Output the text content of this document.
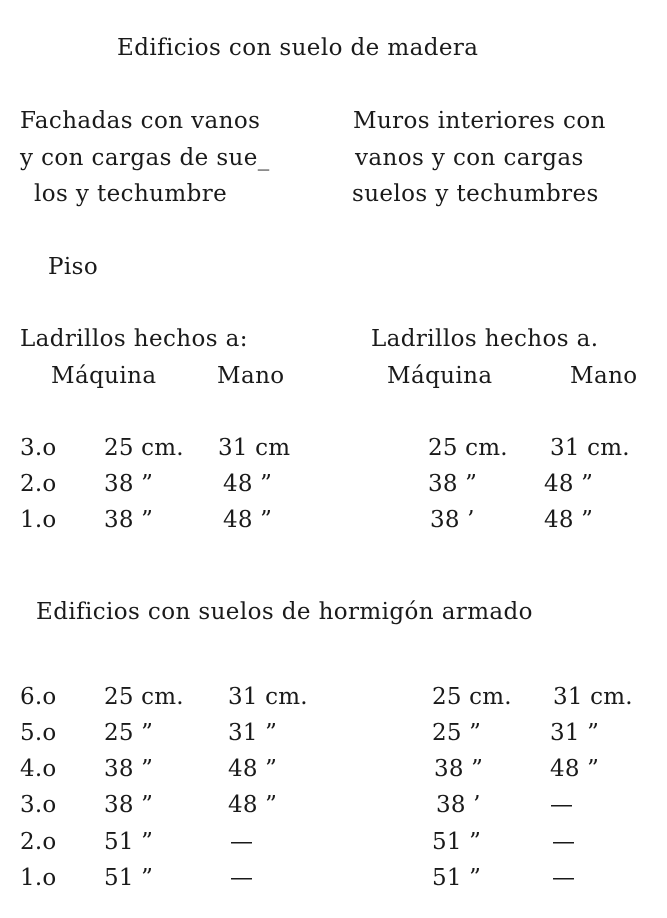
Edificios con suelo de madera
Fachadas con vanos
y con cargas de sue_
los y techumbre
Muros interiores con
vanos y con cargas
suelos y techumbres
Piso
Ladrillos hechos a:	Ladrillos hechos a.
Máquina	Mano	Máquina	Mano
3.o 25 cm. 31 cm	25 cm. 31 cm.
2.o 38 ”	48 ”	38 ”	48 ”
1.o 38 ”	48 ”	38 ’	48 ”
Edificios con suelos de hormigón armado
6.o 25 cm. 31 cm.	25 cm. 31 cm.
5.o 25 ”	31 ”	25 ”	31 ”
4.o 38 ”	48 ”	38 ”	48 ”
3.o 38 ”	48 ”	38 ’	—
2.o 51 ”	—	51 ”	—
1.o 51 ”	—	51 ”	—
